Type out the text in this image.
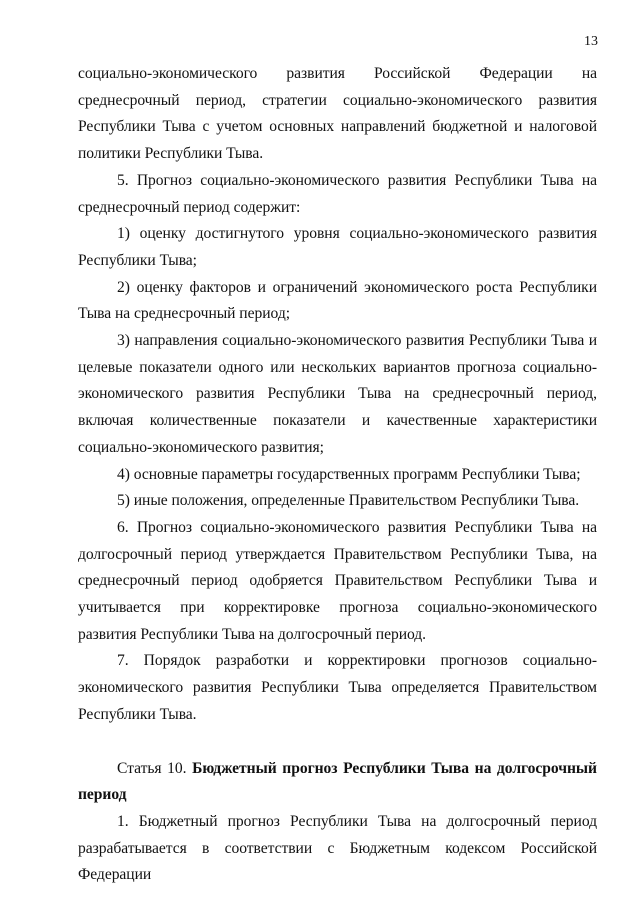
13

социально-экономического развития Российской Федерации на среднесрочный период, стратегии социально-экономического развития Республики Тыва с учетом основных направлений бюджетной и налоговой политики Республики Тыва.

5. Прогноз социально-экономического развития Республики Тыва на среднесрочный период содержит:

1) оценку достигнутого уровня социально-экономического развития Республики Тыва;

2) оценку факторов и ограничений экономического роста Республики Тыва на среднесрочный период;

3) направления социально-экономического развития Республики Тыва и целевые показатели одного или нескольких вариантов прогноза социально-экономического развития Республики Тыва на среднесрочный период, включая количественные показатели и качественные характеристики социально-экономического развития;

4) основные параметры государственных программ Республики Тыва;

5) иные положения, определенные Правительством Республики Тыва.

6. Прогноз социально-экономического развития Республики Тыва на долгосрочный период утверждается Правительством Республики Тыва, на среднесрочный период одобряется Правительством Республики Тыва и учитывается при корректировке прогноза социально-экономического развития Республики Тыва на долгосрочный период.

7. Порядок разработки и корректировки прогнозов социально-экономического развития Республики Тыва определяется Правительством Республики Тыва.

Статья 10. Бюджетный прогноз Республики Тыва на долгосрочный период

1. Бюджетный прогноз Республики Тыва на долгосрочный период разрабатывается в соответствии с Бюджетным кодексом Российской Федерации
